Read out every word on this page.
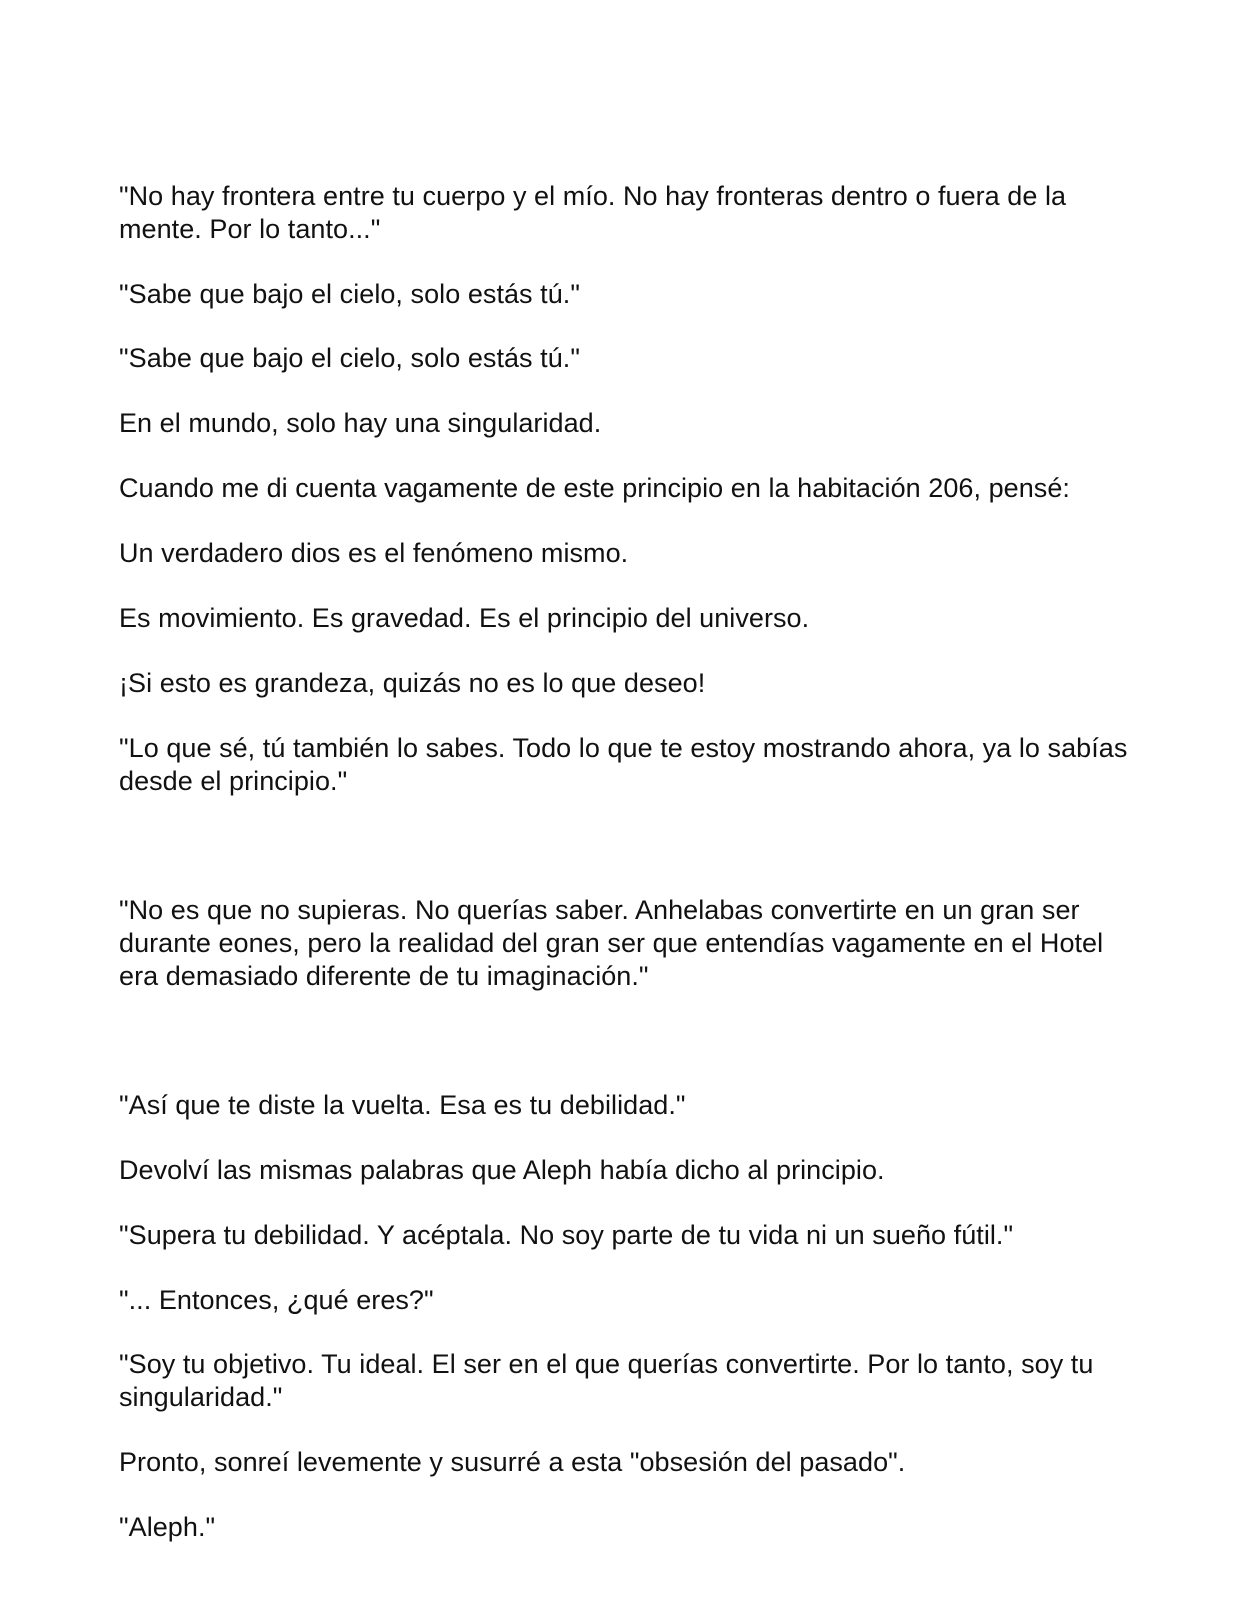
"No hay frontera entre tu cuerpo y el mío. No hay fronteras dentro o fuera de la mente. Por lo tanto..."

"Sabe que bajo el cielo, solo estás tú."

"Sabe que bajo el cielo, solo estás tú."

En el mundo, solo hay una singularidad.

Cuando me di cuenta vagamente de este principio en la habitación 206, pensé:

Un verdadero dios es el fenómeno mismo.

Es movimiento. Es gravedad. Es el principio del universo.

¡Si esto es grandeza, quizás no es lo que deseo!

"Lo que sé, tú también lo sabes. Todo lo que te estoy mostrando ahora, ya lo sabías desde el principio."

"No es que no supieras. No querías saber. Anhelabas convertirte en un gran ser durante eones, pero la realidad del gran ser que entendías vagamente en el Hotel era demasiado diferente de tu imaginación."

"Así que te diste la vuelta. Esa es tu debilidad."

Devolví las mismas palabras que Aleph había dicho al principio.

"Supera tu debilidad. Y acéptala. No soy parte de tu vida ni un sueño fútil."

"... Entonces, ¿qué eres?"

"Soy tu objetivo. Tu ideal. El ser en el que querías convertirte. Por lo tanto, soy tu singularidad."

Pronto, sonreí levemente y susurré a esta "obsesión del pasado".

"Aleph."
